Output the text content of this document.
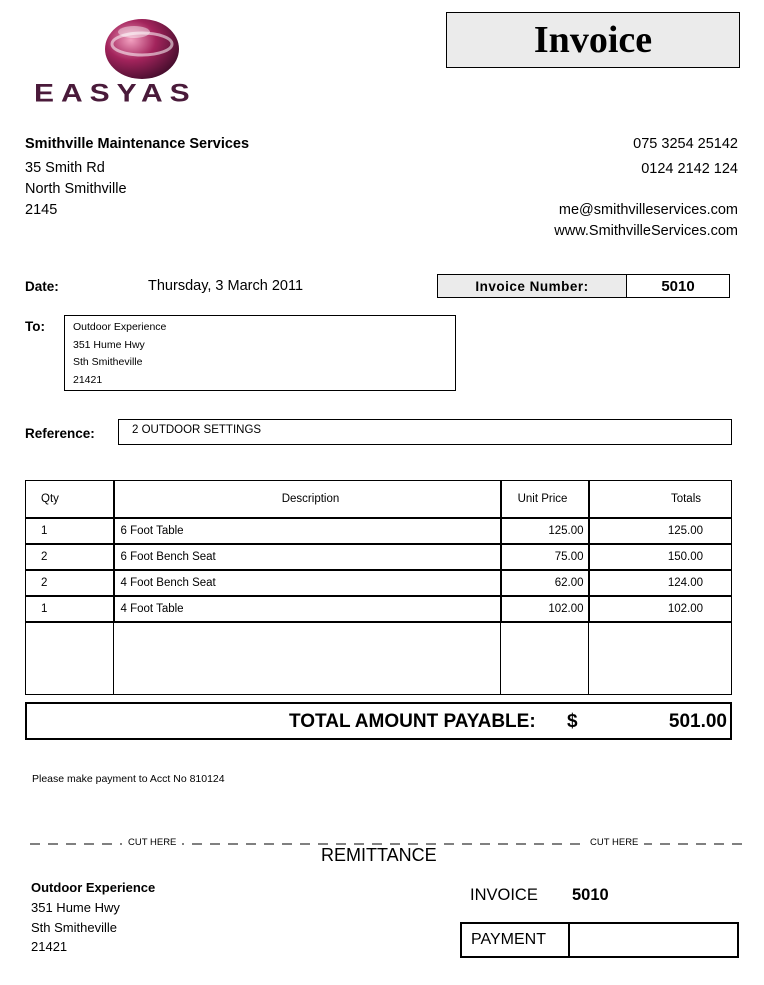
EASYAS
Invoice
Smithville Maintenance Services
35 Smith Rd
North Smithville
2145
075 3254 25142
0124 2142 124
me@smithvilleservices.com
www.SmithvilleServices.com
Date:	Thursday, 3 March 2011	Invoice Number:	5010
To:	Outdoor Experience
351 Hume Hwy
Sth Smitheville
21421
Reference:	2 OUTDOOR SETTINGS
Qty	Description	Unit Price	Totals
1	6 Foot Table	125.00	125.00
2	6 Foot Bench Seat	75.00	150.00
2	4 Foot Bench Seat	62.00	124.00
1	4 Foot Table	102.00	102.00
TOTAL AMOUNT PAYABLE: $	501.00
Please make payment to Acct No 810124
CUT HERE	CUT HERE
REMITTANCE
Outdoor Experience
351 Hume Hwy
Sth Smitheville
21421
INVOICE 5010
PAYMENT
